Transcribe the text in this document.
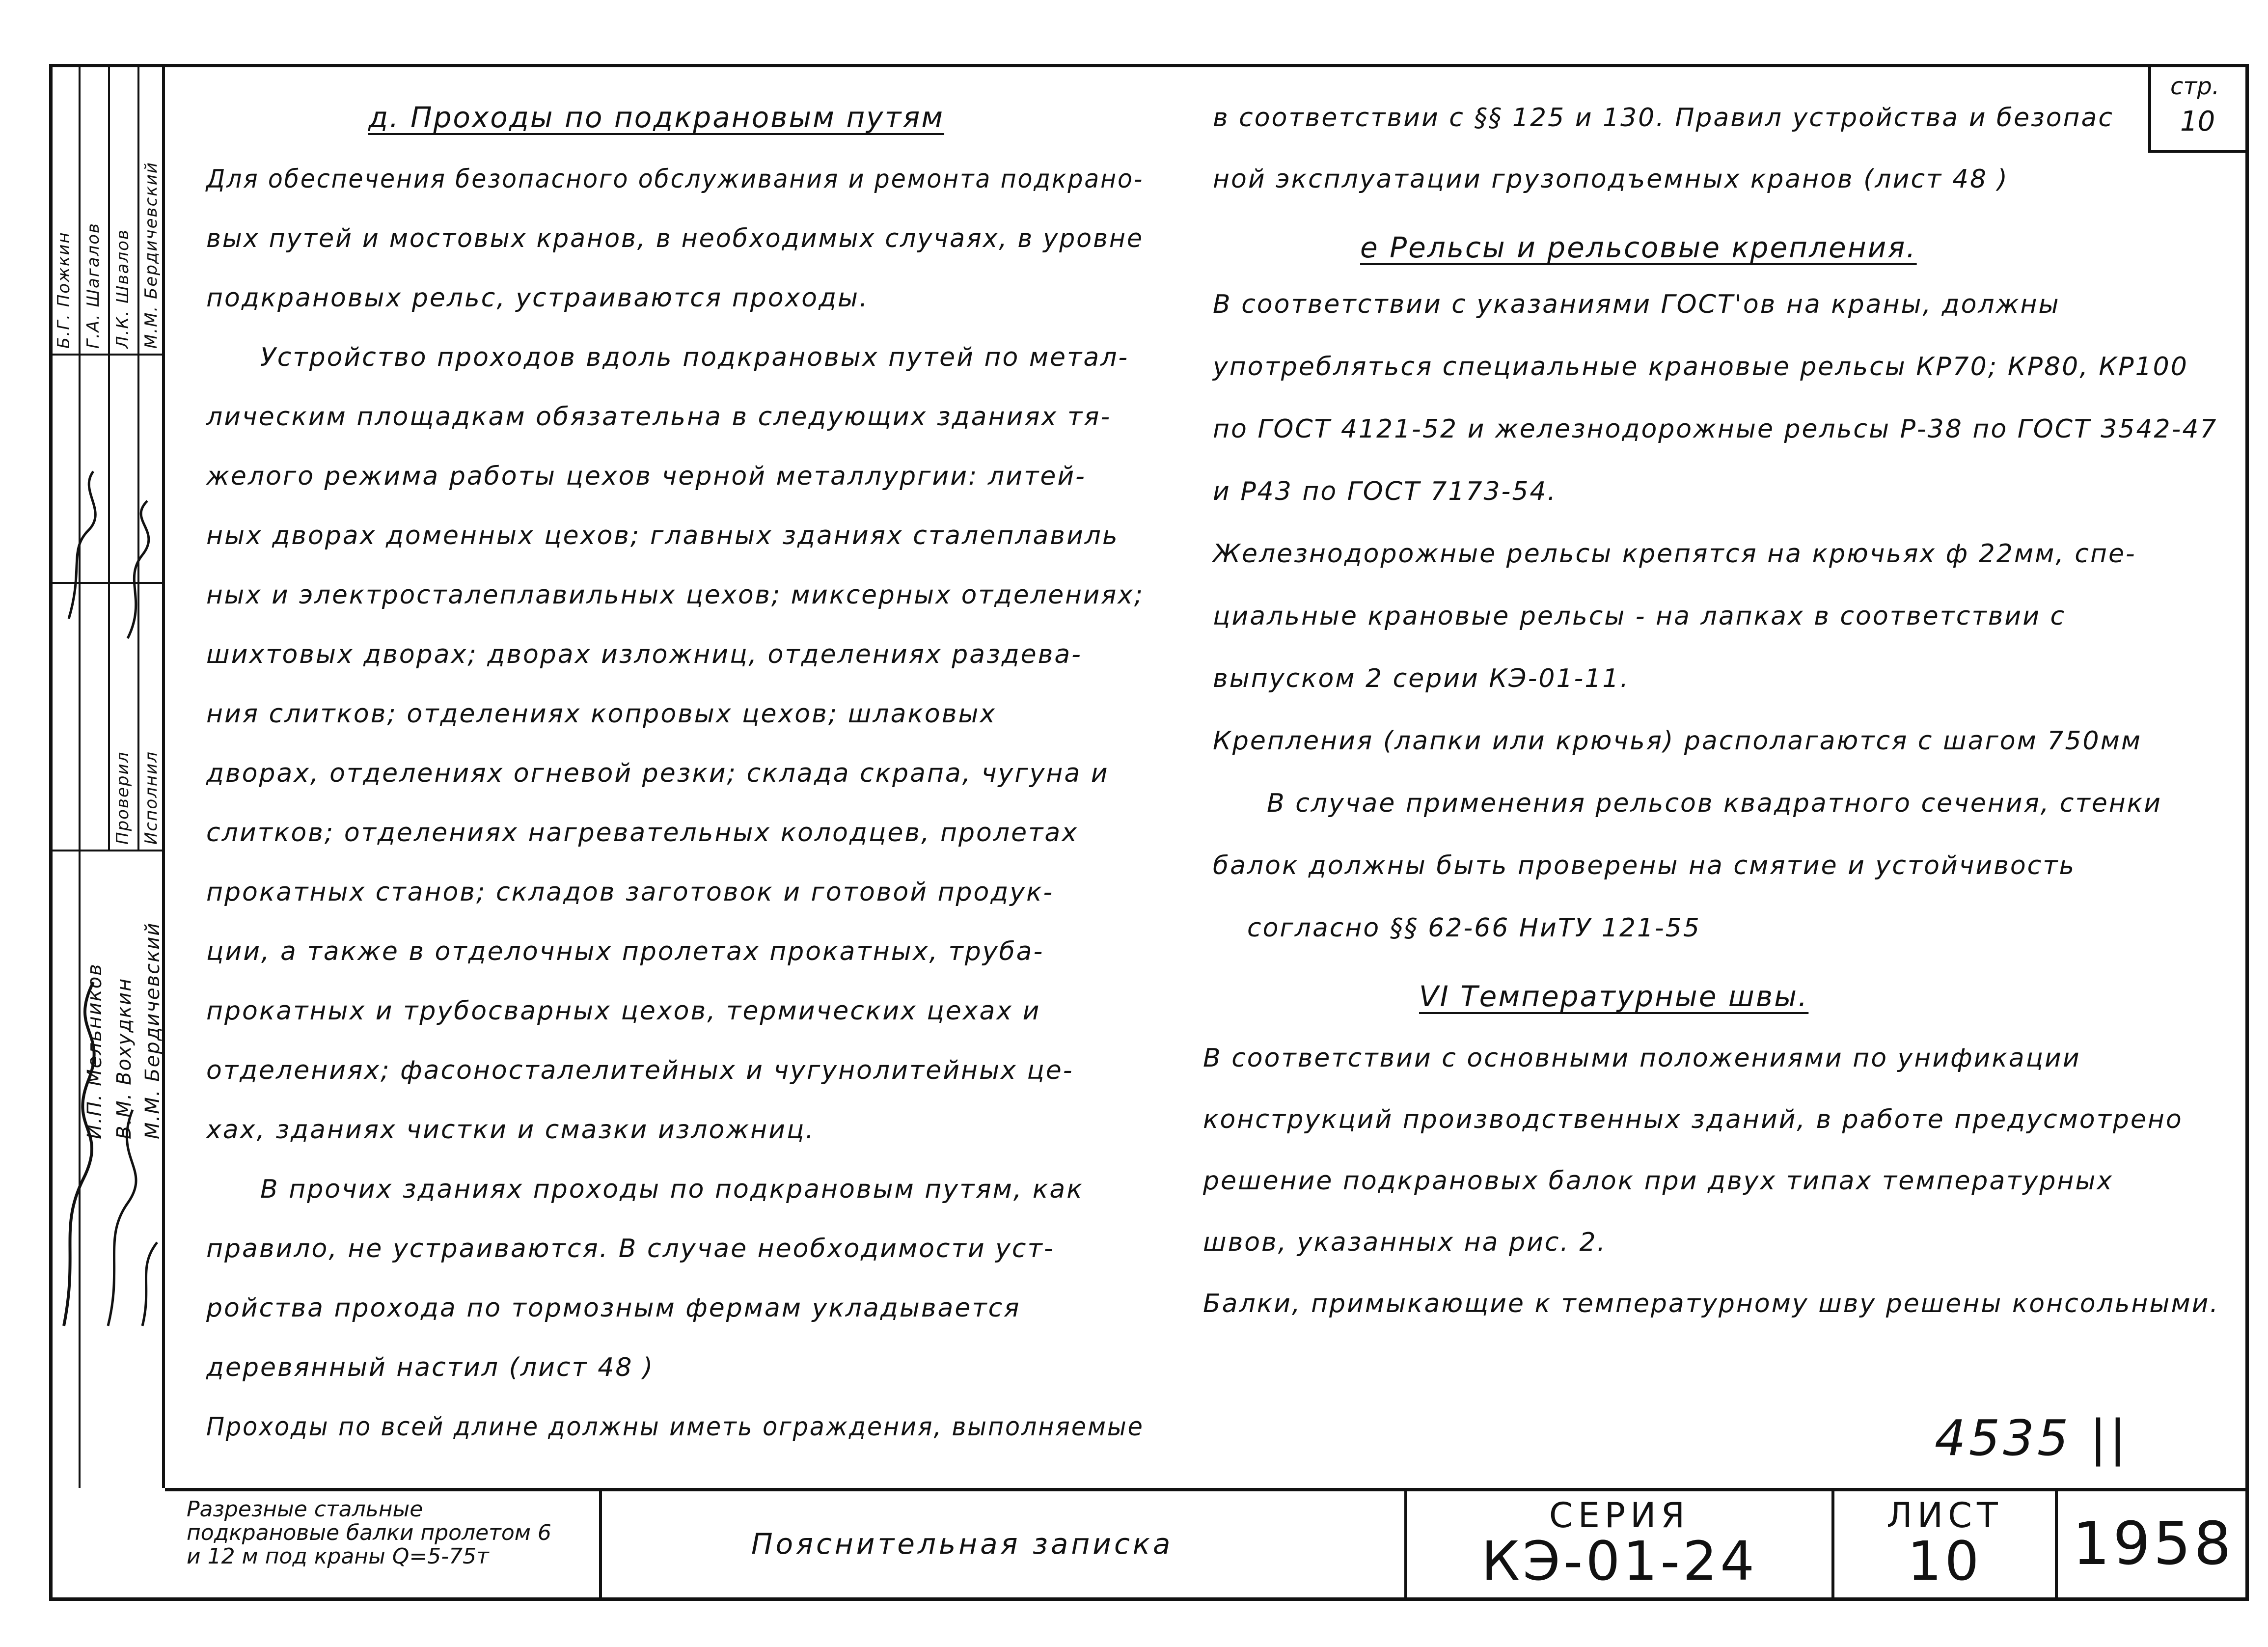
стр.
10
Б.Г. Пожкин Г.А. Шагалов Л.К. Швалов М.М. Бердичевский
Проверил Исполнил
И.П. Мельников В.М. Вохудкин М.М. Бердичевский
д. Проходы по подкрановым путям
Для обеспечения безопасного обслуживания и ремонта подкрано-
вых путей и мостовых кранов, в необходимых случаях, в уровне
подкрановых рельс, устраиваются проходы.
Устройство проходов вдоль подкрановых путей по метал-
лическим площадкам обязательна в следующих зданиях тя-
желого режима работы цехов черной металлургии: литей-
ных дворах доменных цехов; главных зданиях сталеплавиль
ных и электросталеплавильных цехов; миксерных отделениях;
шихтовых дворах; дворах изложниц, отделениях раздева-
ния слитков; отделениях копровых цехов; шлаковых
дворах, отделениях огневой резки; склада скрапа, чугуна и
слитков; отделениях нагревательных колодцев, пролетах
прокатных станов; складов заготовок и готовой продук-
ции, а также в отделочных пролетах прокатных, труба-
прокатных и трубосварных цехов, термических цехах и
отделениях; фасоносталелитейных и чугунолитейных це-
хах, зданиях чистки и смазки изложниц.
В прочих зданиях проходы по подкрановым путям, как
правило, не устраиваются. В случае необходимости уст-
ройства прохода по тормозным фермам укладывается
деревянный настил (лист 48 )
Проходы по всей длине должны иметь ограждения, выполняемые
в соответствии с §§ 125 и 130. Правил устройства и безопас
ной эксплуатации грузоподъемных кранов (лист 48 )
е Рельсы и рельсовые крепления.
В соответствии с указаниями ГОСТ'ов на краны, должны
употребляться специальные крановые рельсы КР70; КР80, КР100
по ГОСТ 4121-52 и железнодорожные рельсы Р-38 по ГОСТ 3542-47
и Р43 по ГОСТ 7173-54.
Железнодорожные рельсы крепятся на крючьях ф 22мм, спе-
циальные крановые рельсы - на лапках в соответствии с
выпуском 2 серии КЭ-01-11.
Крепления (лапки или крючья) располагаются с шагом 750мм
В случае применения рельсов квадратного сечения, стенки
балок должны быть проверены на смятие и устойчивость
согласно §§ 62-66 НиТУ 121-55
VI Температурные швы.
В соответствии с основными положениями по унификации
конструкций производственных зданий, в работе предусмотрено
решение подкрановых балок при двух типах температурных
швов, указанных на рис. 2.
Балки, примыкающие к температурному шву решены консольными.
4535 ||
Разрезные стальные подкрановые балки пролетом 6 и 12 м под краны Q=5-75т	Пояснительная записка
СЕРИЯ
КЭ-01-24
ЛИСТ
10	1958
